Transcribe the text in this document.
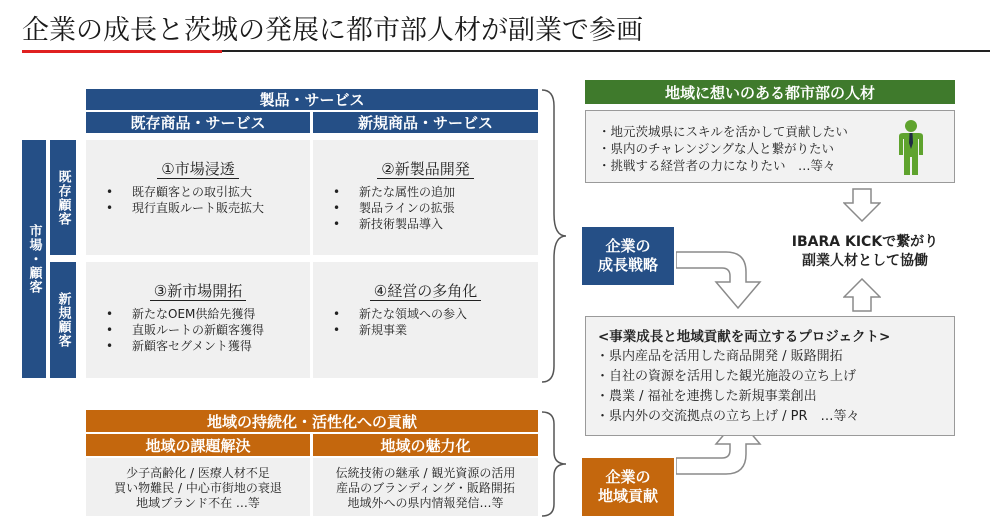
企業の成長と茨城の発展に都市部人材が副業で参画
製品・サービス
既存商品・サービス	新規商品・サービス
市場・顧客
既存顧客
新規顧客
①市場浸透
• 既存顧客との取引拡大
• 現行直販ルート販売拡大
②新製品開発
• 新たな属性の追加
• 製品ラインの拡張
• 新技術製品導入
③新市場開拓
• 新たなOEM供給先獲得
• 直販ルートの新顧客獲得
• 新顧客セグメント獲得
④経営の多角化
• 新たな領域への参入
• 新規事業
地域の持続化・活性化への貢献
地域の課題解決	地域の魅力化
少子高齢化 / 医療人材不足
買い物難民 / 中心市街地の衰退
地域ブランド不在 …等
伝統技術の継承 / 観光資源の活用
産品のブランディング・販路開拓
地域外への県内情報発信…等
企業の
成長戦略
企業の
地域貢献
地域に想いのある都市部の人材
・地元茨城県にスキルを活かして貢献したい
・県内のチャレンジングな人と繋がりたい
・挑戦する経営者の力になりたい　…等々
IBARA KICKで繋がり
副業人材として協働
<事業成長と地域貢献を両立するプロジェクト>
・県内産品を活用した商品開発 / 販路開拓
・自社の資源を活用した観光施設の立ち上げ
・農業 / 福祉を連携した新規事業創出
・県内外の交流拠点の立ち上げ / PR　…等々
